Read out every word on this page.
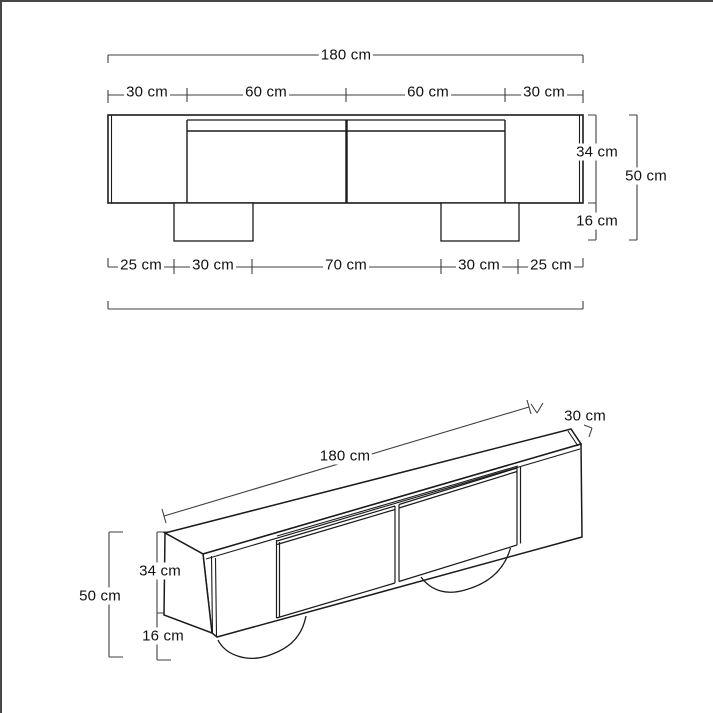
180 cm
30 cm	60 cm	60 cm	30 cm
34 cm
50 cm
16 cm
25 cm 30 cm	70 cm	30 cm 25 cm
180 cm
30 cm
34 cm
50 cm
16 cm
